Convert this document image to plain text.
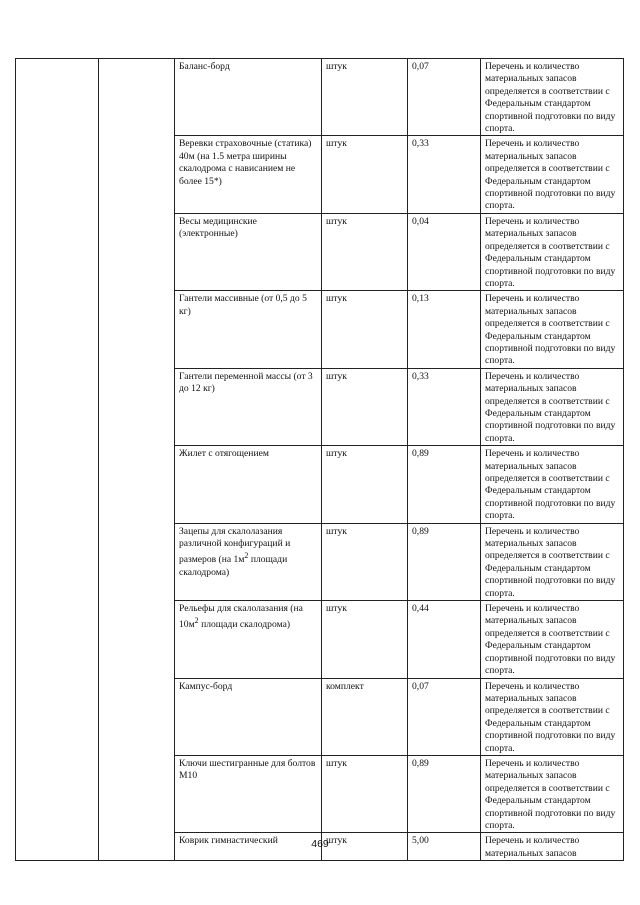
		Баланс-борд	штук	0,07	Перечень и количество материальных запасов определяется в соответствии с Федеральным стандартом спортивной подготовки по виду спорта.
		Веревки страховочные (статика) 40м (на 1.5 метра ширины скалодрома с нависанием не более 15*)	штук	0,33	Перечень и количество материальных запасов определяется в соответствии с Федеральным стандартом спортивной подготовки по виду спорта.
		Весы медицинские (электронные)	штук	0,04	Перечень и количество материальных запасов определяется в соответствии с Федеральным стандартом спортивной подготовки по виду спорта.
		Гантели массивные (от 0,5 до 5 кг)	штук	0,13	Перечень и количество материальных запасов определяется в соответствии с Федеральным стандартом спортивной подготовки по виду спорта.
		Гантели переменной массы (от 3 до 12 кг)	штук	0,33	Перечень и количество материальных запасов определяется в соответствии с Федеральным стандартом спортивной подготовки по виду спорта.
		Жилет с отягощением	штук	0,89	Перечень и количество материальных запасов определяется в соответствии с Федеральным стандартом спортивной подготовки по виду спорта.
		Зацепы для скалолазания различной конфигураций и размеров (на $1м^2$ площади скалодрома)	штук	0,89	Перечень и количество материальных запасов определяется в соответствии с Федеральным стандартом спортивной подготовки по виду спорта.
		Рельефы для скалолазания (на $10м^2$ площади скалодрома)	штук	0,44	Перечень и количество материальных запасов определяется в соответствии с Федеральным стандартом спортивной подготовки по виду спорта.
		Кампус-борд	комплект	0,07	Перечень и количество материальных запасов определяется в соответствии с Федеральным стандартом спортивной подготовки по виду спорта.
		Ключи шестигранные для болтов М10	штук	0,89	Перечень и количество материальных запасов определяется в соответствии с Федеральным стандартом спортивной подготовки по виду спорта.
		Коврик гимнастический	штук	5,00	Перечень и количество материальных запасов
469
